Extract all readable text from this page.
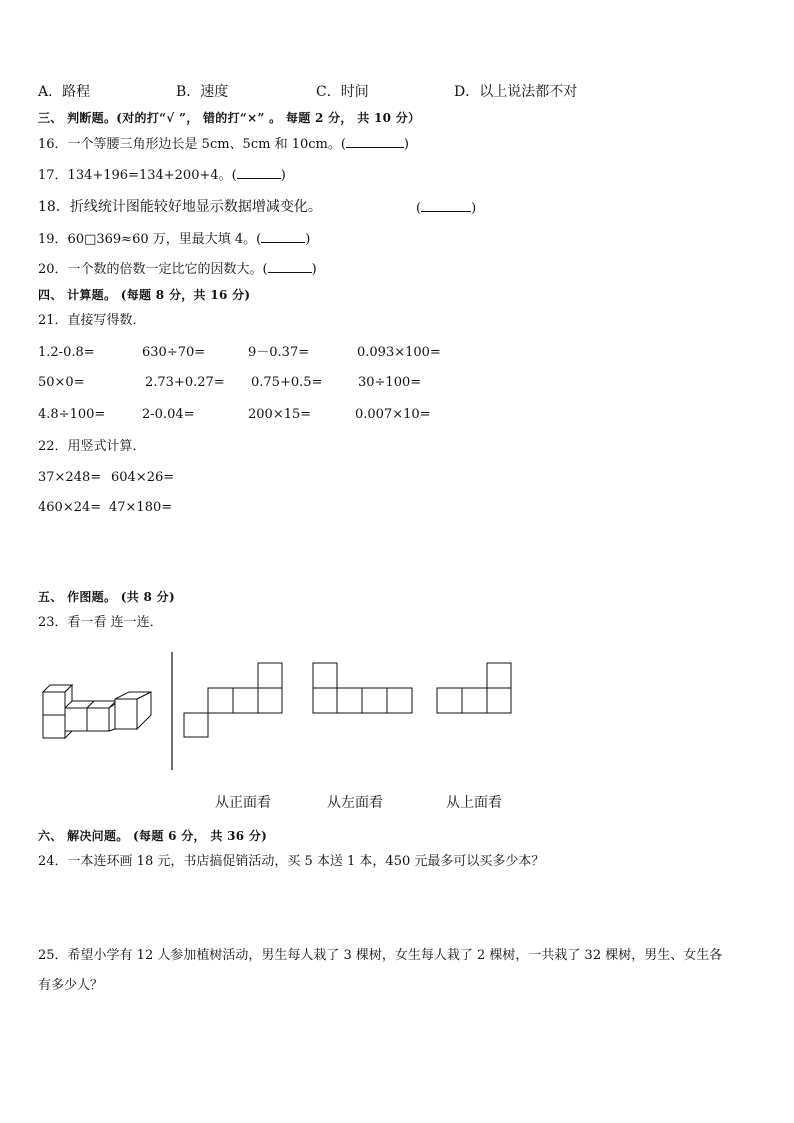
A．路程	B．速度	C．时间	D．以上说法都不对
三、 判断题。(对的打“√ ”， 错的打“×” 。 每题 2 分， 共 10 分）
16．一个等腰三角形边长是 5cm、5cm 和 10cm。(	)
17．134+196=134+200+4。(	)
18．折线统计图能较好地显示数据增减变化。	(	)
19．60□369≈60 万，里最大填 4。(	)
20．一个数的倍数一定比它的因数大。(	)
四、 计算题。 (每题 8 分，共 16 分)
21．直接写得数．
1.2-0.8=	630÷70=	9－0.37=	0.093×100=
50×0=	2.73+0.27= 0.75+0.5=	30÷100=
4.8÷100=	2-0.04=	200×15=	0.007×10=
22．用竖式计算．
37×248= 604×26=
460×24= 47×180=
五、 作图题。 (共 8 分)
23．看一看 连一连．
从正面看	从左面看	从上面看
六、 解决问题。 (每题 6 分， 共 36 分)
24．一本连环画 18 元，书店搞促销活动，买 5 本送 1 本，450 元最多可以买多少本？
25．希望小学有 12 人参加植树活动，男生每人栽了 3 棵树，女生每人栽了 2 棵树，一共栽了 32 棵树，男生、女生各
有多少人？
